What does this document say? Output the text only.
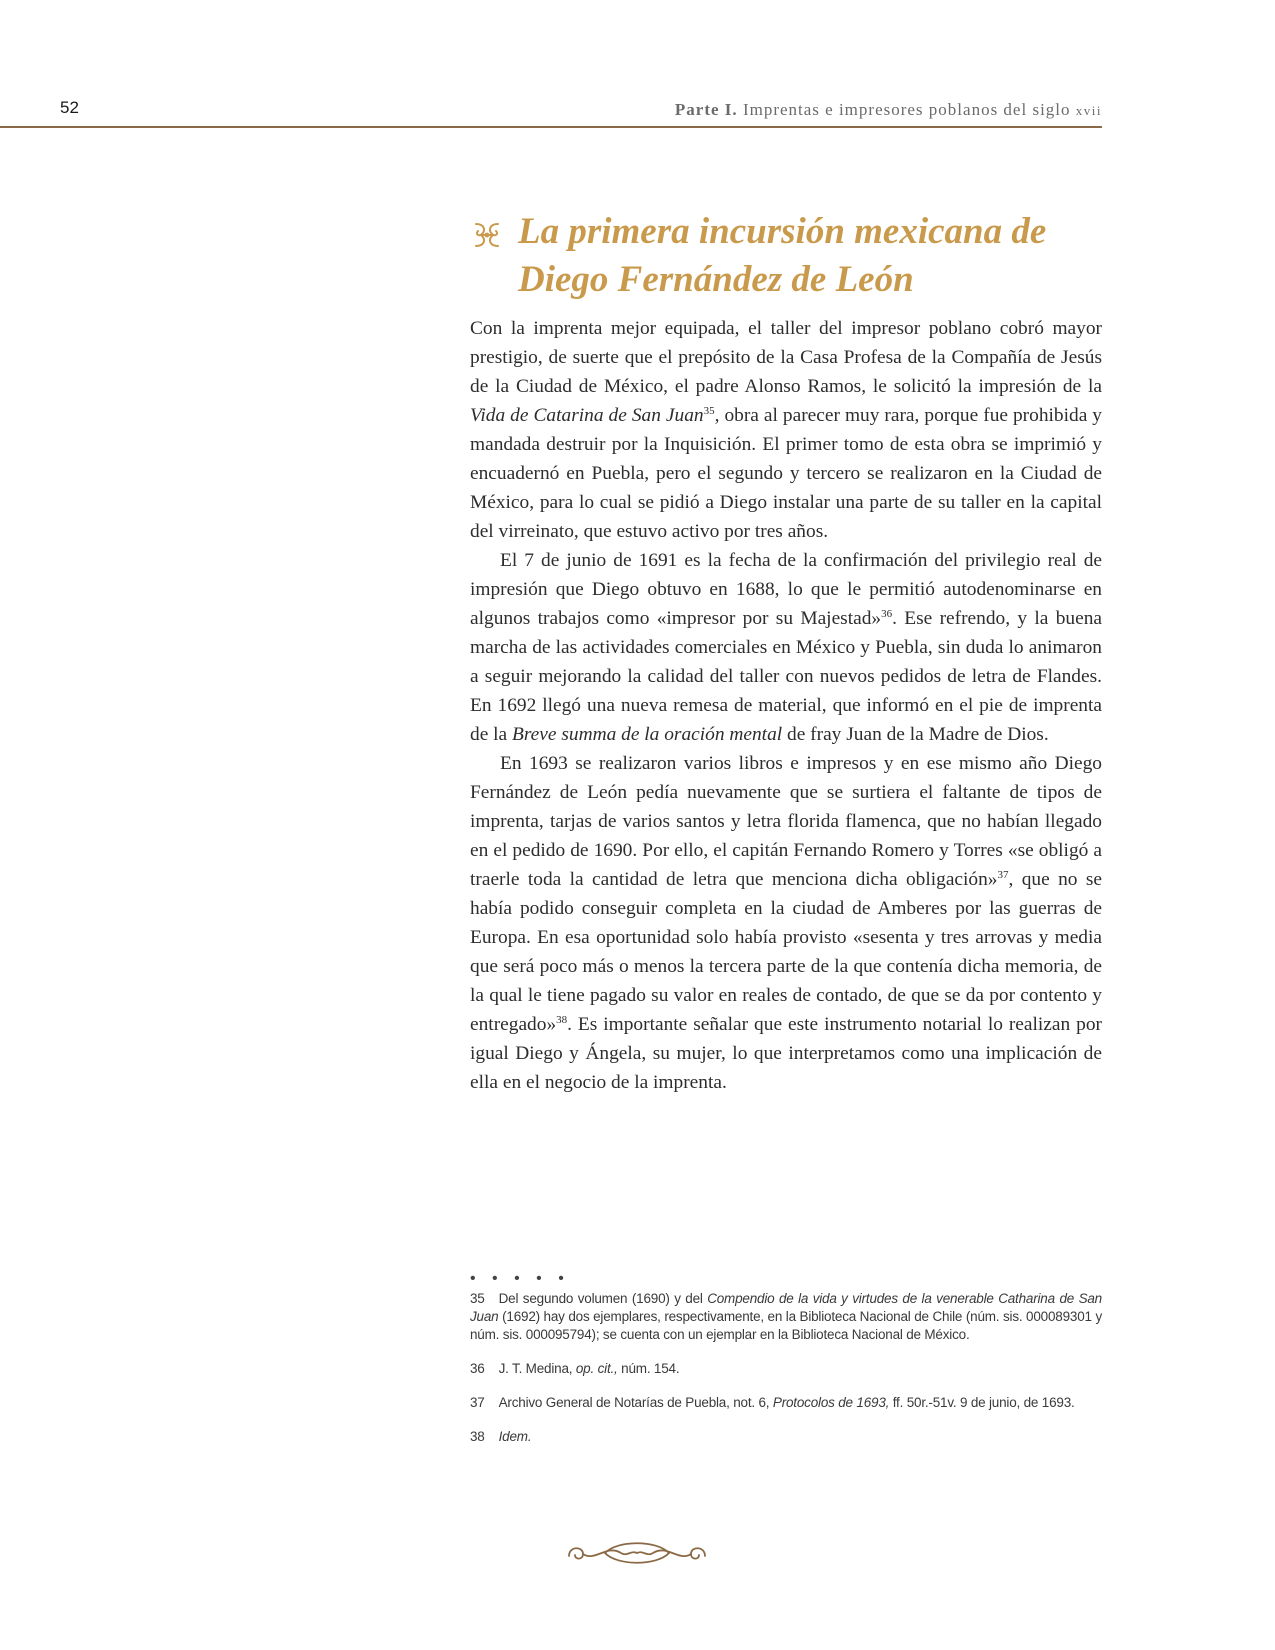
52	Parte I. Imprentas e impresores poblanos del siglo xvii
La primera incursión mexicana de Diego Fernández de León

Con la imprenta mejor equipada, el taller del impresor poblano cobró mayor prestigio, de suerte que el prepósito de la Casa Profesa de la Compañía de Jesús de la Ciudad de México, el padre Alonso Ramos, le solicitó la impresión de la Vida de Catarina de San Juan$^{35}$, obra al parecer muy rara, porque fue prohibida y mandada destruir por la Inquisición. El primer tomo de esta obra se imprimió y encuadernó en Puebla, pero el segundo y tercero se realizaron en la Ciudad de México, para lo cual se pidió a Diego instalar una parte de su taller en la capital del virreinato, que estuvo activo por tres años.

El 7 de junio de 1691 es la fecha de la confirmación del privilegio real de impresión que Diego obtuvo en 1688, lo que le permitió autodenominarse en algunos trabajos como «impresor por su Majestad»$^{36}$. Ese refrendo, y la buena marcha de las actividades comerciales en México y Puebla, sin duda lo animaron a seguir mejorando la calidad del taller con nuevos pedidos de letra de Flandes. En 1692 llegó una nueva remesa de material, que informó en el pie de imprenta de la Breve summa de la oración mental de fray Juan de la Madre de Dios.

En 1693 se realizaron varios libros e impresos y en ese mismo año Diego Fernández de León pedía nuevamente que se surtiera el faltante de tipos de imprenta, tarjas de varios santos y letra florida flamenca, que no habían llegado en el pedido de 1690. Por ello, el capitán Fernando Romero y Torres «se obligó a traerle toda la cantidad de letra que menciona dicha obligación»$^{37}$, que no se había podido conseguir completa en la ciudad de Amberes por las guerras de Europa. En esa oportunidad solo había provisto «sesenta y tres arrovas y media que será poco más o menos la tercera parte de la que contenía dicha memoria, de la qual le tiene pagado su valor en reales de contado, de que se da por contento y entregado»$^{38}$. Es importante señalar que este instrumento notarial lo realizan por igual Diego y Ángela, su mujer, lo que interpretamos como una implicación de ella en el negocio de la imprenta.

• • • • •

35 Del segundo volumen (1690) y del Compendio de la vida y virtudes de la venerable Catharina de San Juan (1692) hay dos ejemplares, respectivamente, en la Biblioteca Nacional de Chile (núm. sis. 000089301 y núm. sis. 000095794); se cuenta con un ejemplar en la Biblioteca Nacional de México.

36 J. T. Medina, op. cit., núm. 154.

37 Archivo General de Notarías de Puebla, not. 6, Protocolos de 1693, ff. 50r.-51v. 9 de junio, de 1693.

38 Idem.
